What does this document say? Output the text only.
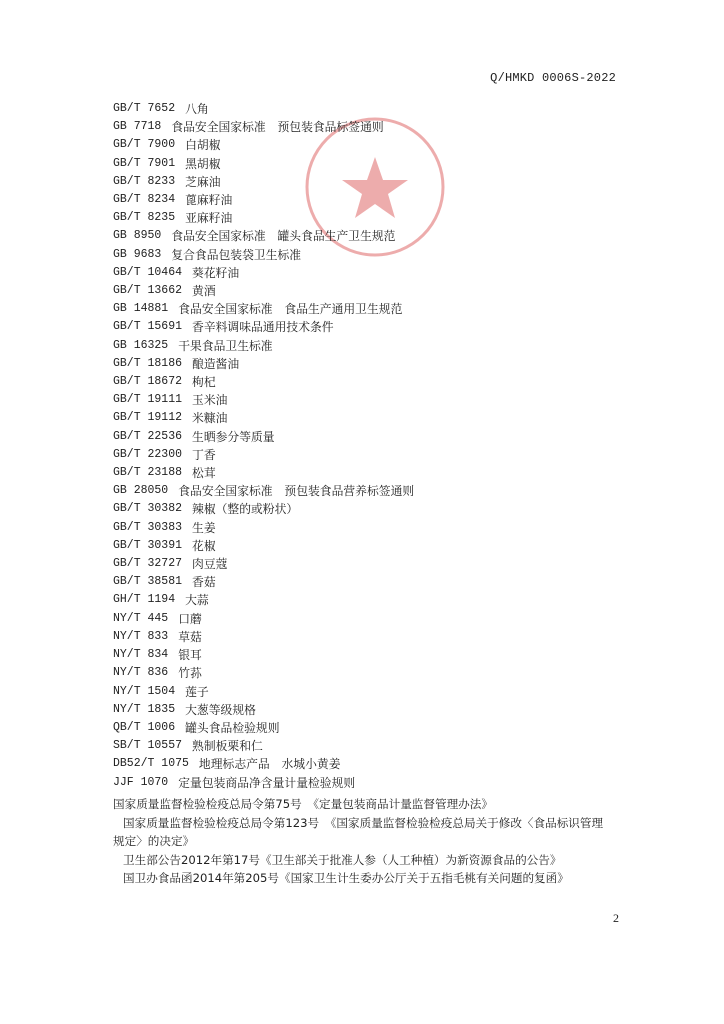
Q/HMKD 0006S-2022
GB/T 7652 八角
GB 7718 食品安全国家标准　预包装食品标签通则
GB/T 7900 白胡椒
GB/T 7901 黑胡椒
GB/T 8233 芝麻油
GB/T 8234 蓖麻籽油
GB/T 8235 亚麻籽油
GB 8950 食品安全国家标准　罐头食品生产卫生规范
GB 9683 复合食品包装袋卫生标准
GB/T 10464 葵花籽油
GB/T 13662 黄酒
GB 14881 食品安全国家标准　食品生产通用卫生规范
GB/T 15691 香辛料调味品通用技术条件
GB 16325 干果食品卫生标准
GB/T 18186 酿造酱油
GB/T 18672 枸杞
GB/T 19111 玉米油
GB/T 19112 米糠油
GB/T 22536 生晒参分等质量
GB/T 22300 丁香
GB/T 23188 松茸
GB 28050 食品安全国家标准　预包装食品营养标签通则
GB/T 30382 辣椒（整的或粉状）
GB/T 30383 生姜
GB/T 30391 花椒
GB/T 32727 肉豆蔻
GB/T 38581 香菇
GH/T 1194 大蒜
NY/T 445 口蘑
NY/T 833 草菇
NY/T 834 银耳
NY/T 836 竹荪
NY/T 1504 莲子
NY/T 1835 大葱等级规格
QB/T 1006 罐头食品检验规则
SB/T 10557 熟制板栗和仁
DB52/T 1075 地理标志产品　水城小黄姜
JJF 1070 定量包装商品净含量计量检验规则

国家质量监督检验检疫总局令第75号　《定量包装商品计量监督管理办法》

国家质量监督检验检疫总局令第123号　《国家质量监督检验检疫总局关于修改〈食品标识管理规定〉的决定》

卫生部公告2012年第17号《卫生部关于批准人参（人工种植）为新资源食品的公告》

国卫办食品函2014年第205号《国家卫生计生委办公厅关于五指毛桃有关问题的复函》

2
